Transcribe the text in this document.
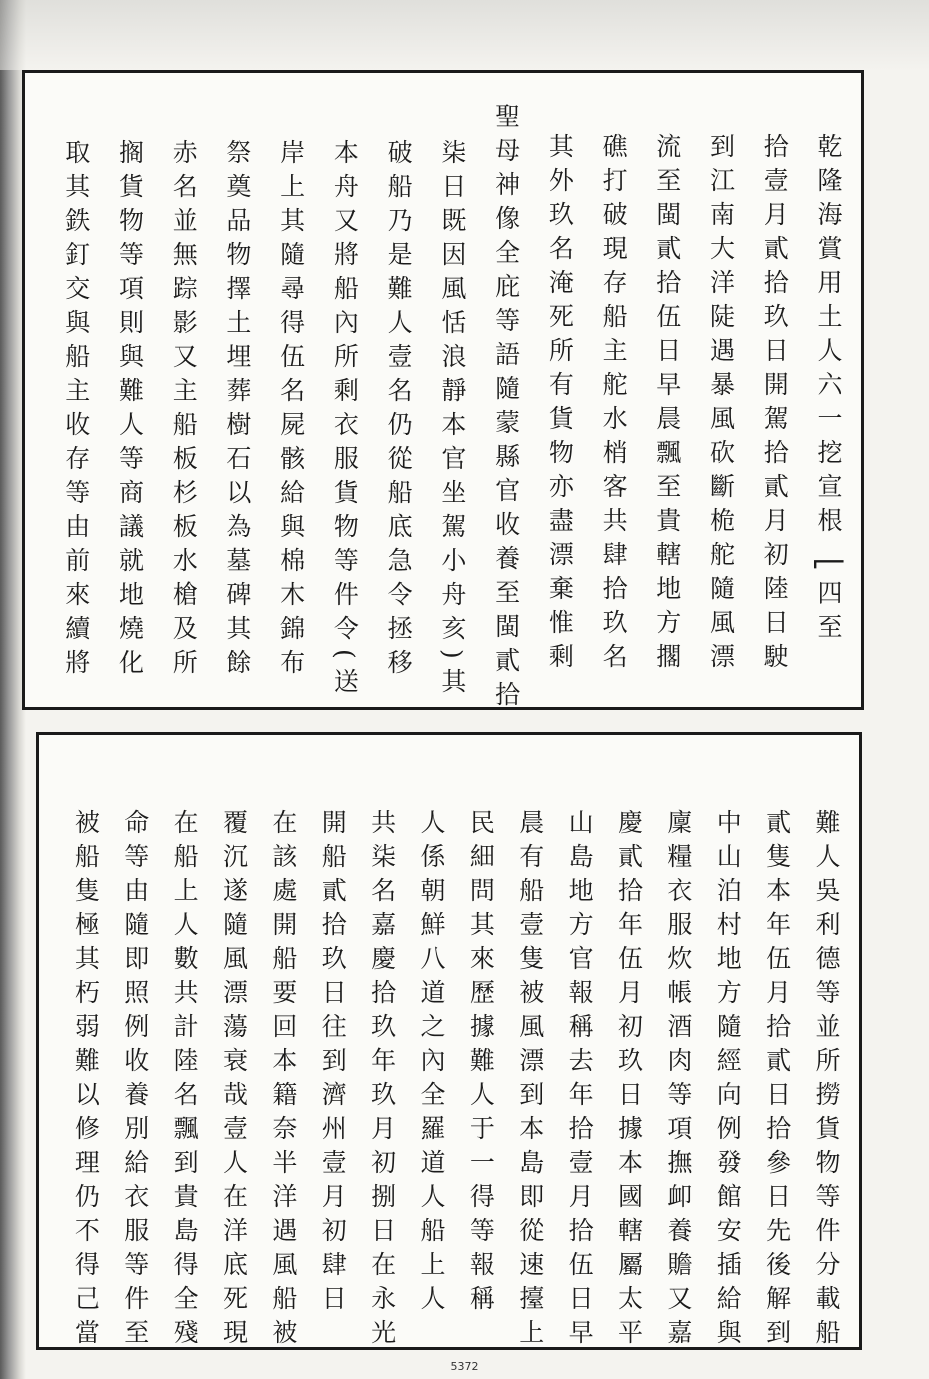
乾隆海賞用土人六一挖宣根 ⎣四至
拾壹月貳拾玖日開駕拾貳月初陸日駛
到江南大洋陡遇暴風砍斷桅舵隨風漂
流至閩貳拾伍日早晨飄至貴轄地方擱
礁打破現存船主舵水梢客共肆拾玖名
其外玖名淹死所有貨物亦盡漂棄惟剩
聖母神像全庇等語隨蒙縣官收養至閩貳拾
柒日既因風恬浪靜本官坐駕小舟亥)其
破船乃是難人壹名仍從船底急令拯移
本舟又將船內所剩衣服貨物等件令(送
岸上其隨尋得伍名屍骸給與棉木錦布
祭奠品物擇土埋葬樹石以為墓碑其餘
赤名並無踪影又主船板杉板水槍及所
搁貨物等項則與難人等商議就地燒化
取其鉄釘交與船主收存等由前來續將
難人吳利德等並所撈貨物等件分載船
貳隻本年伍月拾貳日拾參日先後解到
中山泊村地方隨經向例發館安插給與
廩糧衣服炊帳酒肉等項撫卹養贍又嘉
慶貳拾年伍月初玖日據本國轄屬太平
山島地方官報稱去年拾壹月拾伍日早
晨有船壹隻被風漂到本島即從速擡上
民細問其來歷據難人于一得等報稱
人係朝鮮八道之內全羅道人船上人
共柒名嘉慶拾玖年玖月初捌日在永光
開船貳拾玖日往到濟州壹月初肆日
在該處開船要回本籍奈半洋遇風船被
覆沉遂隨風漂蕩衰哉壹人在洋底死現
在船上人數共計陸名飄到貴島得全殘
命等由隨即照例收養別給衣服等件至
被船隻極其朽弱難以修理仍不得己當
5372
